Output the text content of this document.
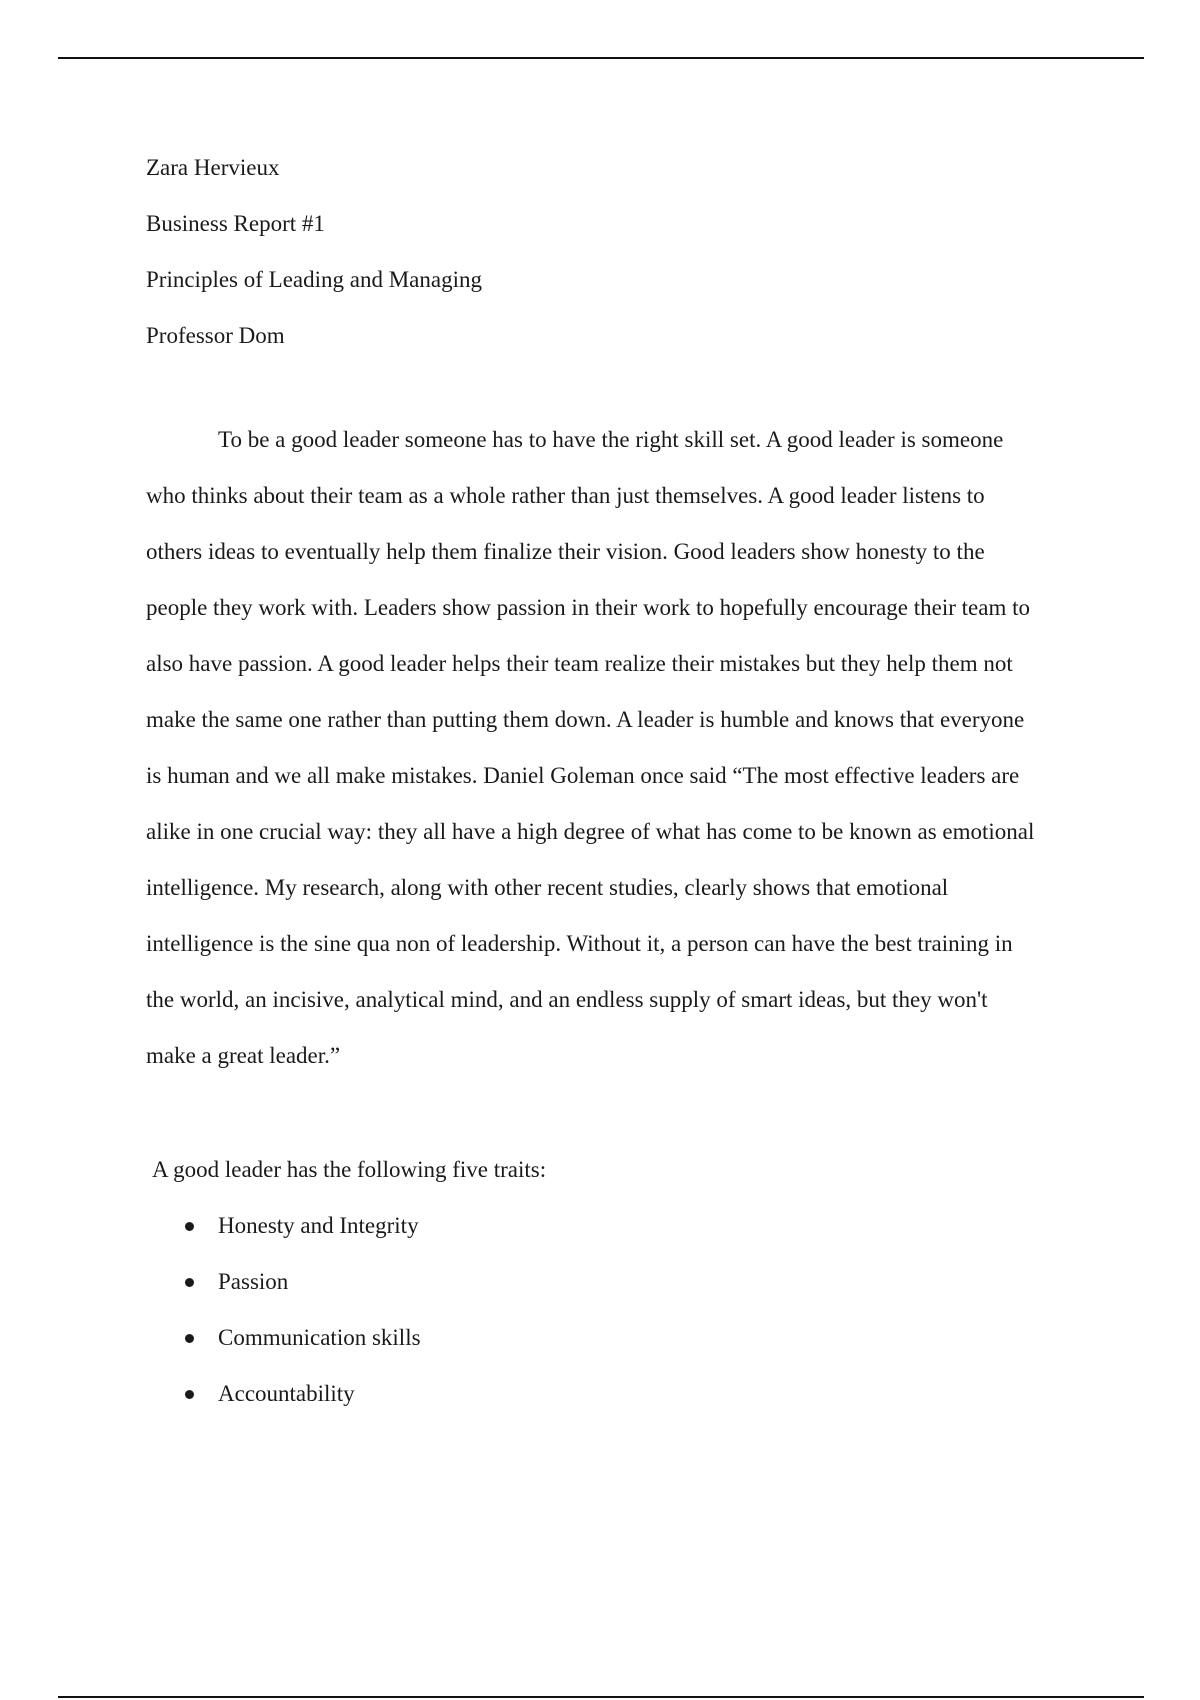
Zara Hervieux

Business Report #1

Principles of Leading and Managing

Professor Dom

To be a good leader someone has to have the right skill set. A good leader is someone
who thinks about their team as a whole rather than just themselves. A good leader listens to
others ideas to eventually help them finalize their vision. Good leaders show honesty to the
people they work with. Leaders show passion in their work to hopefully encourage their team to
also have passion. A good leader helps their team realize their mistakes but they help them not
make the same one rather than putting them down. A leader is humble and knows that everyone
is human and we all make mistakes. Daniel Goleman once said “The most effective leaders are
alike in one crucial way: they all have a high degree of what has come to be known as emotional
intelligence. My research, along with other recent studies, clearly shows that emotional
intelligence is the sine qua non of leadership. Without it, a person can have the best training in
the world, an incisive, analytical mind, and an endless supply of smart ideas, but they won't
make a great leader.”

A good leader has the following five traits:

Honesty and Integrity
Passion
Communication skills
Accountability
